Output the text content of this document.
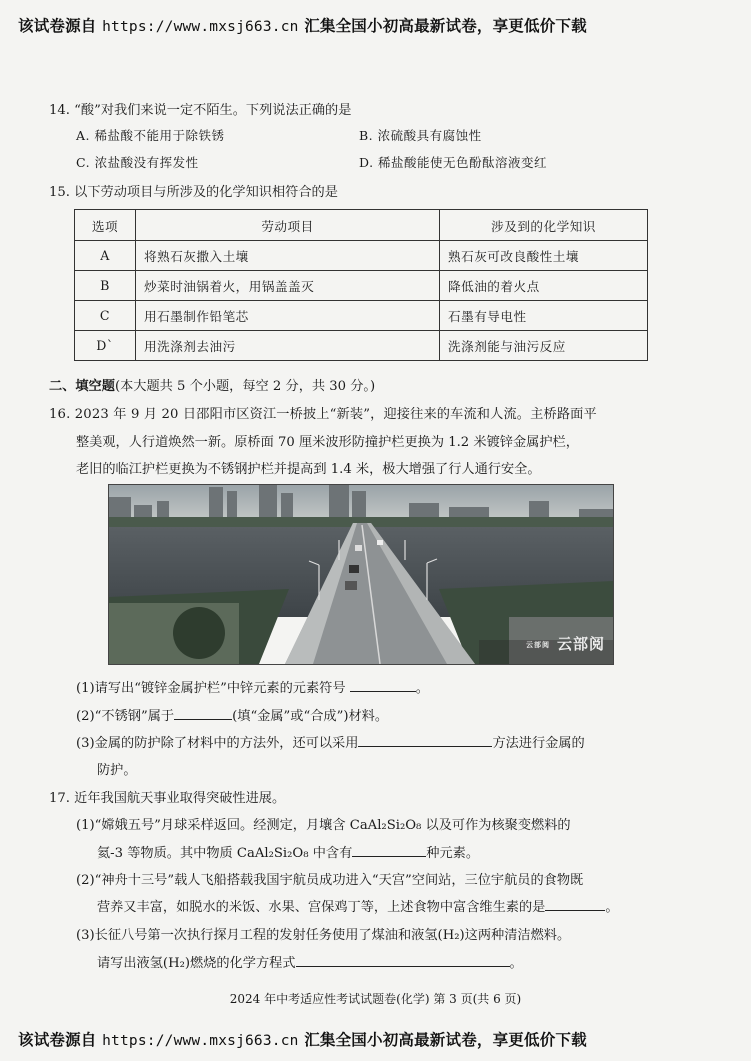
该试卷源自 https://www.mxsj663.cn 汇集全国小初高最新试卷，享更低价下载
14. “酸”对我们来说一定不陌生。下列说法正确的是
A. 稀盐酸不能用于除铁锈	B. 浓硫酸具有腐蚀性
C. 浓盐酸没有挥发性	D. 稀盐酸能使无色酚酞溶液变红
15. 以下劳动项目与所涉及的化学知识相符合的是
选项	劳动项目	涉及到的化学知识
A	将熟石灰撒入土壤	熟石灰可改良酸性土壤
B	炒菜时油锅着火，用锅盖盖灭	降低油的着火点
C	用石墨制作铅笔芯	石墨有导电性
D`	用洗涤剂去油污	洗涤剂能与油污反应
二、填空题(本大题共 5 个小题，每空 2 分，共 30 分。)
16. 2023 年 9 月 20 日邵阳市区资江一桥披上“新装”，迎接往来的车流和人流。主桥路面平
整美观，人行道焕然一新。原桥面 70 厘米波形防撞护栏更换为 1.2 米镀锌金属护栏，
老旧的临江护栏更换为不锈钢护栏并提高到 1.4 米，极大增强了行人通行安全。
云部阅 云部阅
(1)请写出“镀锌金属护栏”中锌元素的元素符号	。
(2)“不锈钢”属于	(填“金属”或“合成”)材料。
(3)金属的防护除了材料中的方法外，还可以采用	方法进行金属的
防护。
17. 近年我国航天事业取得突破性进展。
(1)“嫦娥五号”月球采样返回。经测定，月壤含 CaAl₂Si₂O₈ 以及可作为核聚变燃料的
氦-3 等物质。其中物质 CaAl₂Si₂O₈ 中含有	种元素。
(2)“神舟十三号”载人飞船搭载我国宇航员成功进入“天宫”空间站，三位宇航员的食物既
营养又丰富，如脱水的米饭、水果、宫保鸡丁等，上述食物中富含维生素的是	。
(3)长征八号第一次执行探月工程的发射任务使用了煤油和液氢(H₂)这两种清洁燃料。
请写出液氢(H₂)燃烧的化学方程式	。
2024 年中考适应性考试试题卷(化学) 第 3 页(共 6 页)
该试卷源自 https://www.mxsj663.cn 汇集全国小初高最新试卷，享更低价下载
